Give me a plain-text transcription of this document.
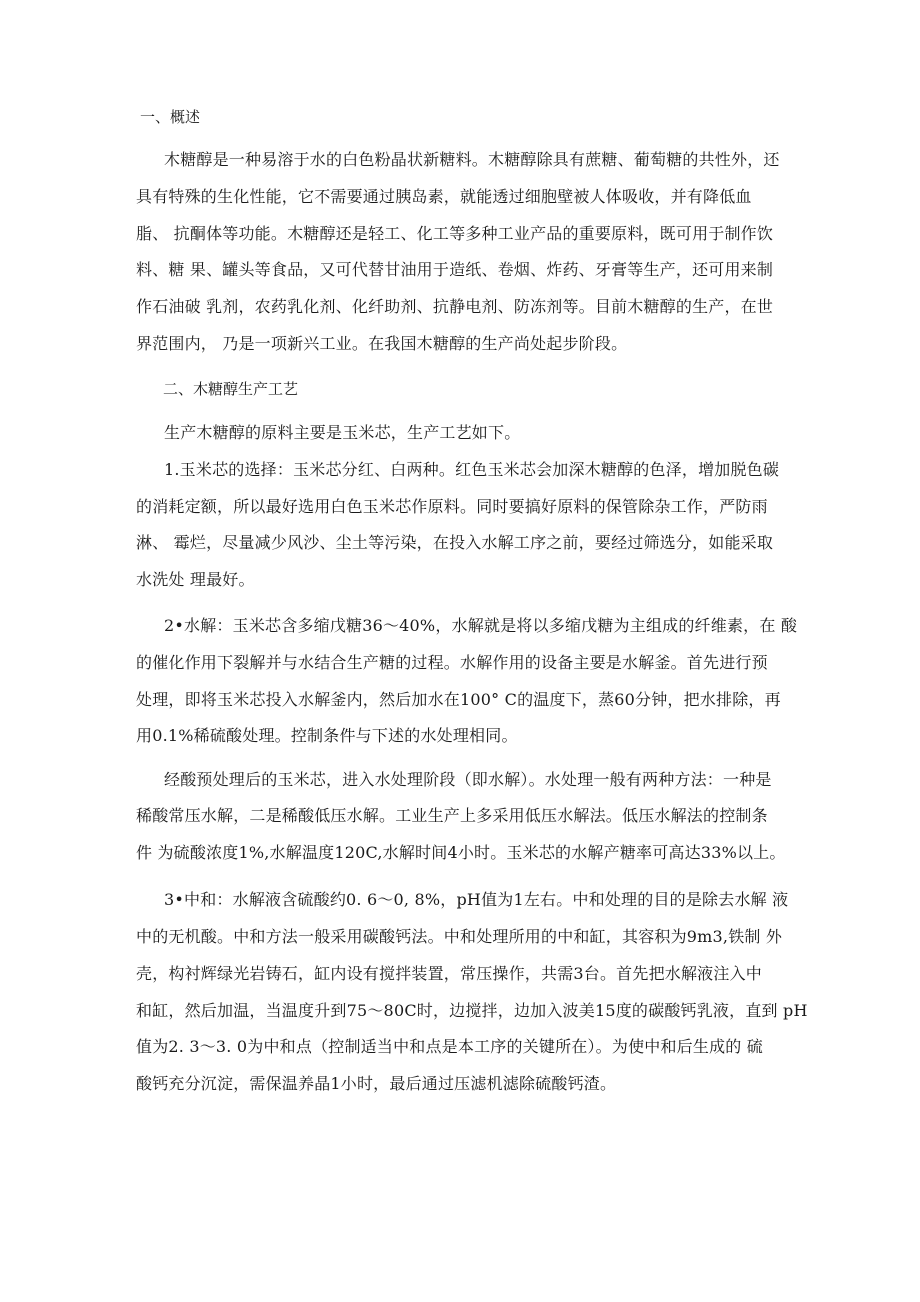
一、概述
木糖醇是一种易溶于水的白色粉晶状新糖料。木糖醇除具有蔗糖、葡萄糖的共性外，还
具有特殊的生化性能，它不需要通过胰岛素，就能透过细胞壁被人体吸收，并有降低血
脂、 抗酮体等功能。木糖醇还是轻工、化工等多种工业产品的重要原料，既可用于制作饮
料、糖 果、罐头等食品，又可代替甘油用于造纸、卷烟、炸药、牙膏等生产，还可用来制
作石油破 乳剂，农药乳化剂、化纤助剂、抗静电剂、防冻剂等。目前木糖醇的生产，在世
界范围内， 乃是一项新兴工业。在我国木糖醇的生产尚处起步阶段。
二、木糖醇生产工艺
生产木糖醇的原料主要是玉米芯，生产工艺如下。
1.玉米芯的选择：玉米芯分红、白两种。红色玉米芯会加深木糖醇的色泽，增加脱色碳
的消耗定额，所以最好选用白色玉米芯作原料。同时要搞好原料的保管除杂工作，严防雨
淋、 霉烂，尽量减少风沙、尘土等污染，在投入水解工序之前，要经过筛选分，如能采取
水洗处 理最好。
2•水解：玉米芯含多缩戊糖36～40%，水解就是将以多缩戊糖为主组成的纤维素，在 酸
的催化作用下裂解并与水结合生产糖的过程。水解作用的设备主要是水解釜。首先进行预
处理，即将玉米芯投入水解釜内，然后加水在100° C的温度下，蒸60分钟，把水排除，再
用0.1%稀硫酸处理。控制条件与下述的水处理相同。
经酸预处理后的玉米芯，进入水处理阶段（即水解）。水处理一般有两种方法：一种是
稀酸常压水解，二是稀酸低压水解。工业生产上多采用低压水解法。低压水解法的控制条
件 为硫酸浓度1%,水解温度120C,水解时间4小时。玉米芯的水解产糖率可高达33%以上。
3•中和：水解液含硫酸约0. 6～0, 8%，pH值为1左右。中和处理的目的是除去水解 液
中的无机酸。中和方法一般采用碳酸钙法。中和处理所用的中和缸，其容积为9m3,铁制 外
壳，构衬辉绿光岩铸石，缸内设有搅拌装置，常压操作，共需3台。首先把水解液注入中
和缸，然后加温，当温度升到75～80C时，边搅拌，边加入波美15度的碳酸钙乳液，直到 pH
值为2. 3～3. 0为中和点（控制适当中和点是本工序的关键所在）。为使中和后生成的 硫
酸钙充分沉淀，需保温养晶1小时，最后通过压滤机滤除硫酸钙渣。
